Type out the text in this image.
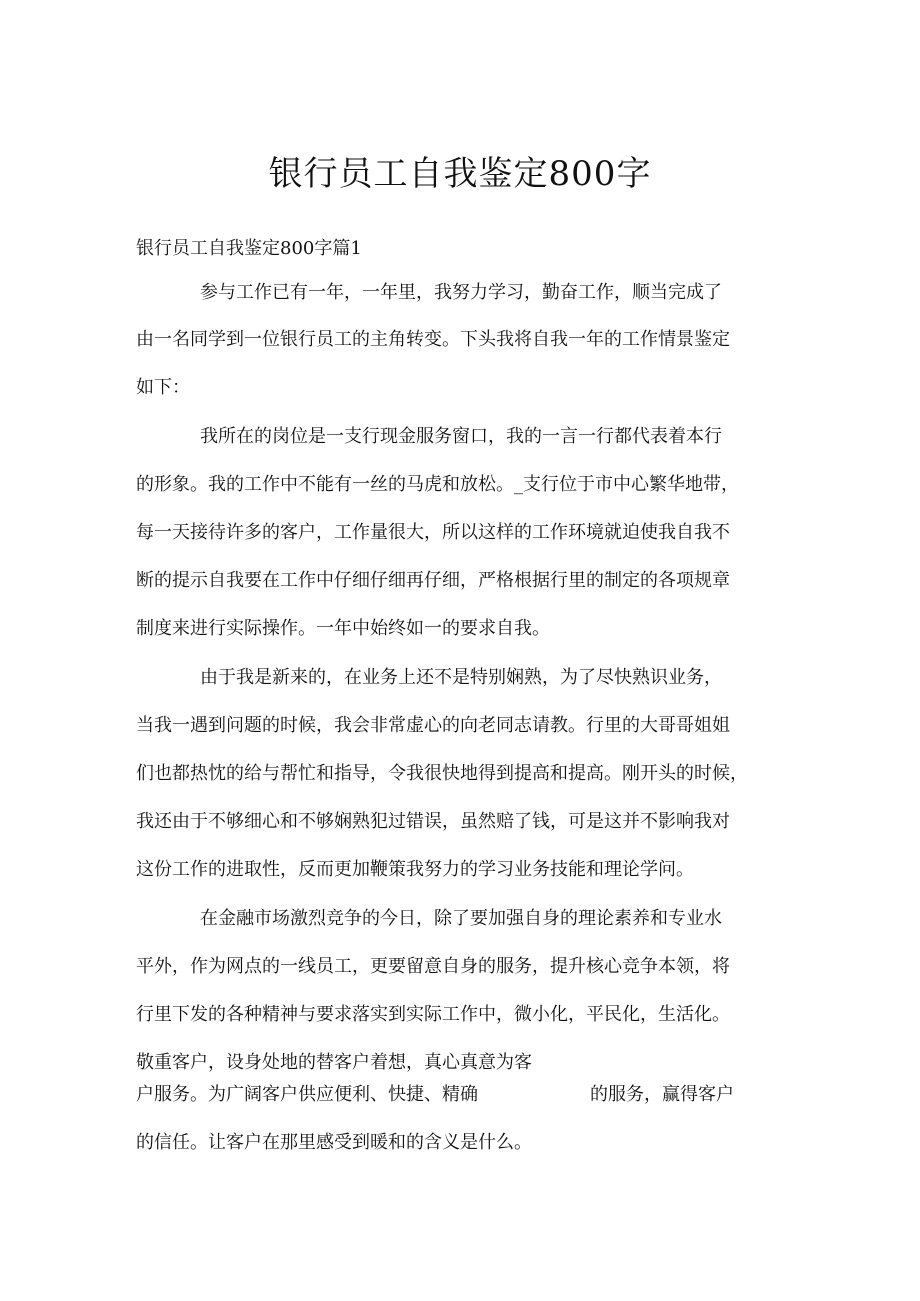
银行员工自我鉴定800字

银行员工自我鉴定800字篇1

参与工作已有一年，一年里，我努力学习，勤奋工作，顺当完成了

由一名同学到一位银行员工的主角转变。下头我将自我一年的工作情景鉴定

如下：

我所在的岗位是一支行现金服务窗口，我的一言一行都代表着本行

的形象。我的工作中不能有一丝的马虎和放松。_支行位于市中心繁华地带，

每一天接待许多的客户，工作量很大，所以这样的工作环境就迫使我自我不

断的提示自我要在工作中仔细仔细再仔细，严格根据行里的制定的各项规章

制度来进行实际操作。一年中始终如一的要求自我。

由于我是新来的，在业务上还不是特别娴熟，为了尽快熟识业务，

当我一遇到问题的时候，我会非常虚心的向老同志请教。行里的大哥哥姐姐

们也都热忱的给与帮忙和指导，令我很快地得到提高和提高。刚开头的时候，

我还由于不够细心和不够娴熟犯过错误，虽然赔了钱，可是这并不影响我对

这份工作的进取性，反而更加鞭策我努力的学习业务技能和理论学问。

在金融市场激烈竞争的今日，除了要加强自身的理论素养和专业水

平外，作为网点的一线员工，更要留意自身的服务，提升核心竞争本领，将

行里下发的各种精神与要求落实到实际工作中，微小化，平民化，生活化。

敬重客户，设身处地的替客户着想，真心真意为客

户服务。为广阔客户供应便利、快捷、精确	的服务，赢得客户

的信任。让客户在那里感受到暖和的含义是什么。
